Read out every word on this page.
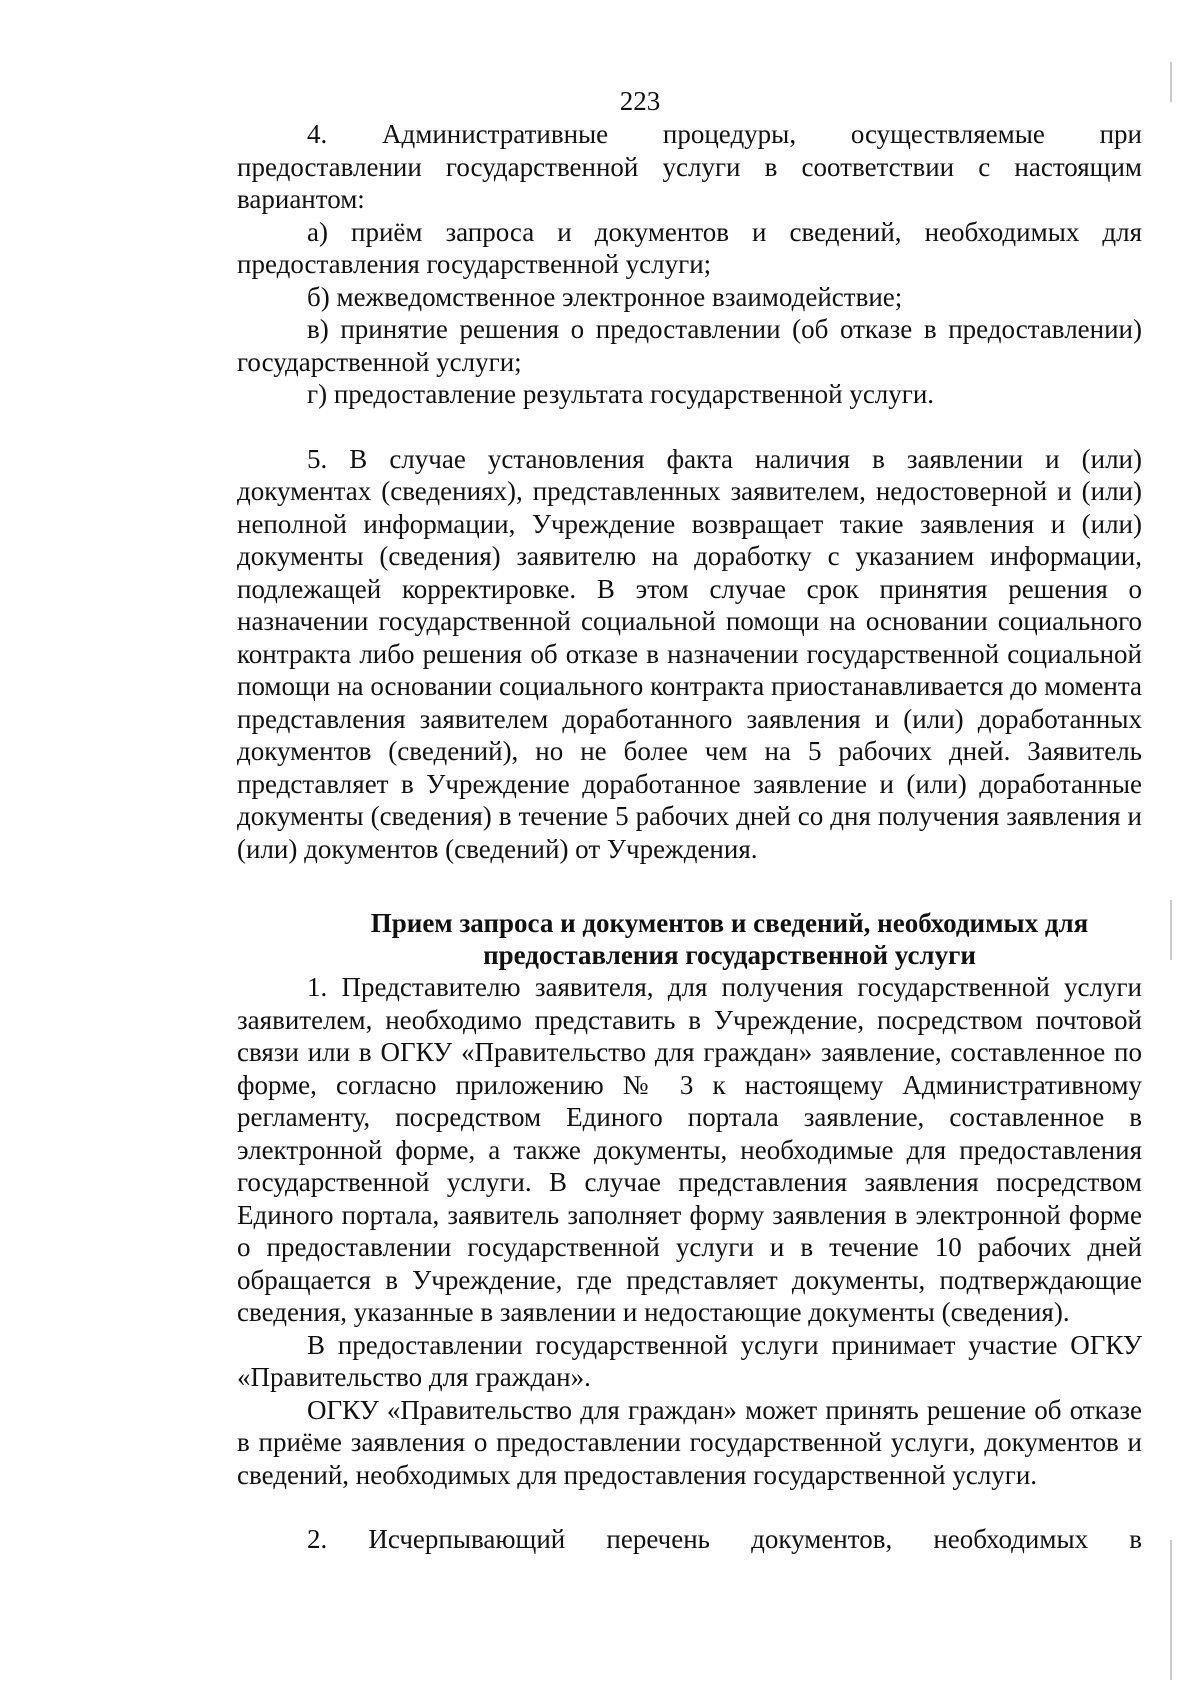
223

4. Административные процедуры, осуществляемые при

предоставлении государственной услуги в соответствии с настоящим вариантом:

а) приём запроса и документов и сведений, необходимых для предоставления государственной услуги;

б) межведомственное электронное взаимодействие;

в) принятие решения о предоставлении (об отказе в предоставлении) государственной услуги;

г) предоставление результата государственной услуги.

5. В случае установления факта наличия в заявлении и (или) документах (сведениях), представленных заявителем, недостоверной и (или) неполной информации, Учреждение возвращает такие заявления и (или) документы (сведения) заявителю на доработку с указанием информации, подлежащей корректировке. В этом случае срок принятия решения о назначении государственной социальной помощи на основании социального контракта либо решения об отказе в назначении государственной социальной помощи на основании социального контракта приостанавливается до момента представления заявителем доработанного заявления и (или) доработанных документов (сведений), но не более чем на 5 рабочих дней. Заявитель представляет в Учреждение доработанное заявление и (или) доработанные документы (сведения) в течение 5 рабочих дней со дня получения заявления и (или) документов (сведений) от Учреждения.

Прием запроса и документов и сведений, необходимых для
предоставления государственной услуги

1. Представителю заявителя, для получения государственной услуги заявителем, необходимо представить в Учреждение, посредством почтовой связи или в ОГКУ «Правительство для граждан» заявление, составленное по форме, согласно приложению № 3 к настоящему Административному регламенту, посредством Единого портала заявление, составленное в электронной форме, а также документы, необходимые для предоставления государственной услуги. В случае представления заявления посредством Единого портала, заявитель заполняет форму заявления в электронной форме о предоставлении государственной услуги и в течение 10 рабочих дней обращается в Учреждение, где представляет документы, подтверждающие сведения, указанные в заявлении и недостающие документы (сведения).

В предоставлении государственной услуги принимает участие ОГКУ «Правительство для граждан».

ОГКУ «Правительство для граждан» может принять решение об отказе в приёме заявления о предоставлении государственной услуги, документов и сведений, необходимых для предоставления государственной услуги.

2. Исчерпывающий перечень документов, необходимых в
